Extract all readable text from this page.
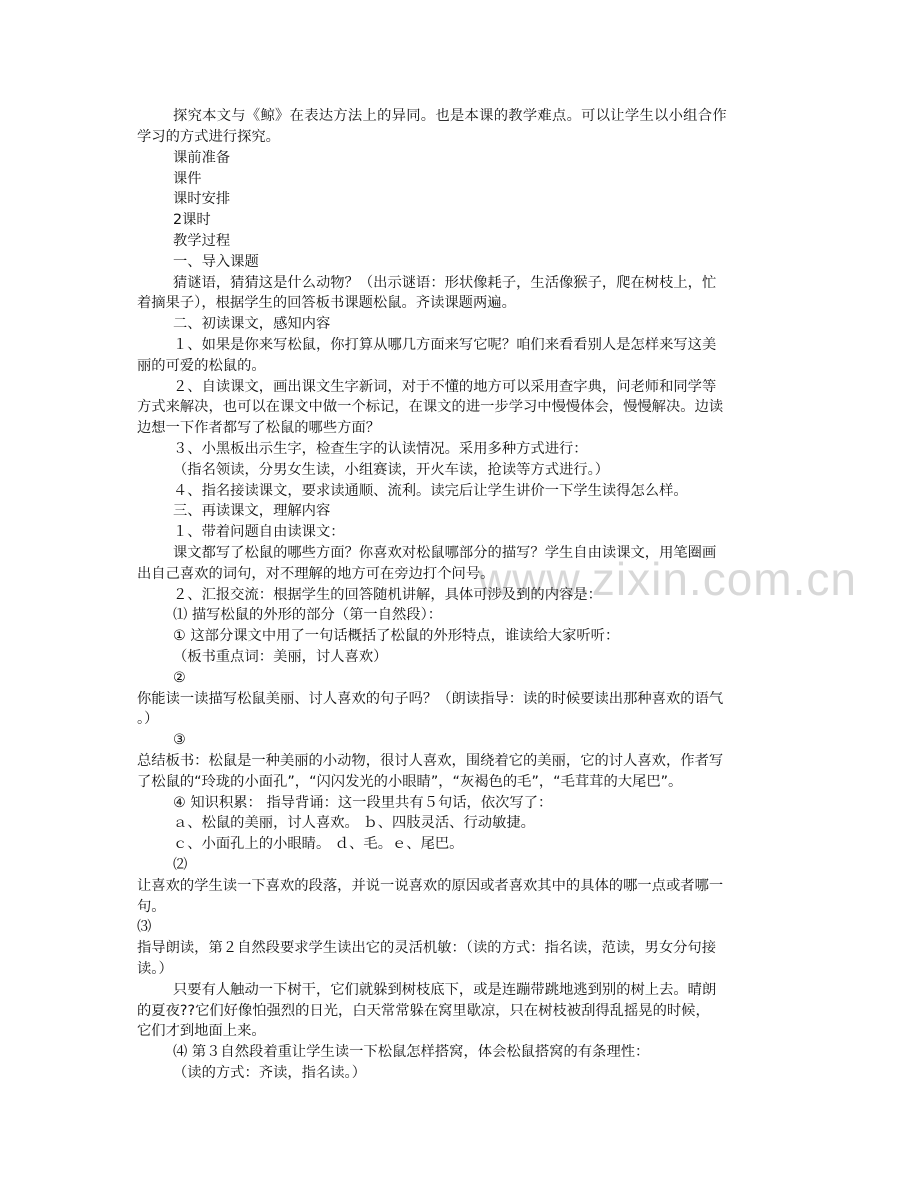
www.zixin.com.cn
探究本文与《鲸》在表达方法上的异同。也是本课的教学难点。可以让学生以小组合作
学习的方式进行探究。
课前准备
课件
课时安排
2课时
教学过程
一、导入课题
猜谜语，猜猜这是什么动物？（出示谜语：形状像耗子，生活像猴子，爬在树枝上，忙
着摘果子），根据学生的回答板书课题松鼠。齐读课题两遍。
二、初读课文，感知内容
１、如果是你来写松鼠，你打算从哪几方面来写它呢？咱们来看看别人是怎样来写这美
丽的可爱的松鼠的。
２、自读课文，画出课文生字新词，对于不懂的地方可以采用查字典，问老师和同学等
方式来解决，也可以在课文中做一个标记，在课文的进一步学习中慢慢体会，慢慢解决。边读
边想一下作者都写了松鼠的哪些方面？
３、小黑板出示生字，检查生字的认读情况。采用多种方式进行：
（指名领读，分男女生读，小组赛读，开火车读，抢读等方式进行。）
４、指名接读课文，要求读通顺、流利。读完后让学生讲价一下学生读得怎么样。
三、再读课文，理解内容
１、带着问题自由读课文：
课文都写了松鼠的哪些方面？你喜欢对松鼠哪部分的描写？学生自由读课文，用笔圈画
出自己喜欢的词句，对不理解的地方可在旁边打个问号。
２、汇报交流：根据学生的回答随机讲解，具体可涉及到的内容是：
⑴ 描写松鼠的外形的部分（第一自然段）：
① 这部分课文中用了一句话概括了松鼠的外形特点，谁读给大家听听：
（板书重点词：美丽，讨人喜欢）
②
你能读一读描写松鼠美丽、讨人喜欢的句子吗？（朗读指导：读的时候要读出那种喜欢的语气
。）
③
总结板书：松鼠是一种美丽的小动物，很讨人喜欢，围绕着它的美丽，它的讨人喜欢，作者写
了松鼠的“玲珑的小面孔”，“闪闪发光的小眼睛”，“灰褐色的毛”，“毛茸茸的大尾巴”。
④ 知识积累： 指导背诵：这一段里共有５句话，依次写了：
ａ、松鼠的美丽，讨人喜欢。 ｂ、四肢灵活、行动敏捷。
ｃ、小面孔上的小眼睛。 ｄ、毛。ｅ、尾巴。
⑵
让喜欢的学生读一下喜欢的段落，并说一说喜欢的原因或者喜欢其中的具体的哪一点或者哪一
句。
⑶
指导朗读，第２自然段要求学生读出它的灵活机敏：（读的方式：指名读，范读，男女分句接
读。）
只要有人触动一下树干，它们就躲到树枝底下，或是连蹦带跳地逃到别的树上去。晴朗
的夏夜??它们好像怕强烈的日光，白天常常躲在窝里歇凉，只在树枝被刮得乱摇晃的时候，
它们才到地面上来。
⑷ 第３自然段着重让学生读一下松鼠怎样搭窝，体会松鼠搭窝的有条理性：
（读的方式：齐读，指名读。）
